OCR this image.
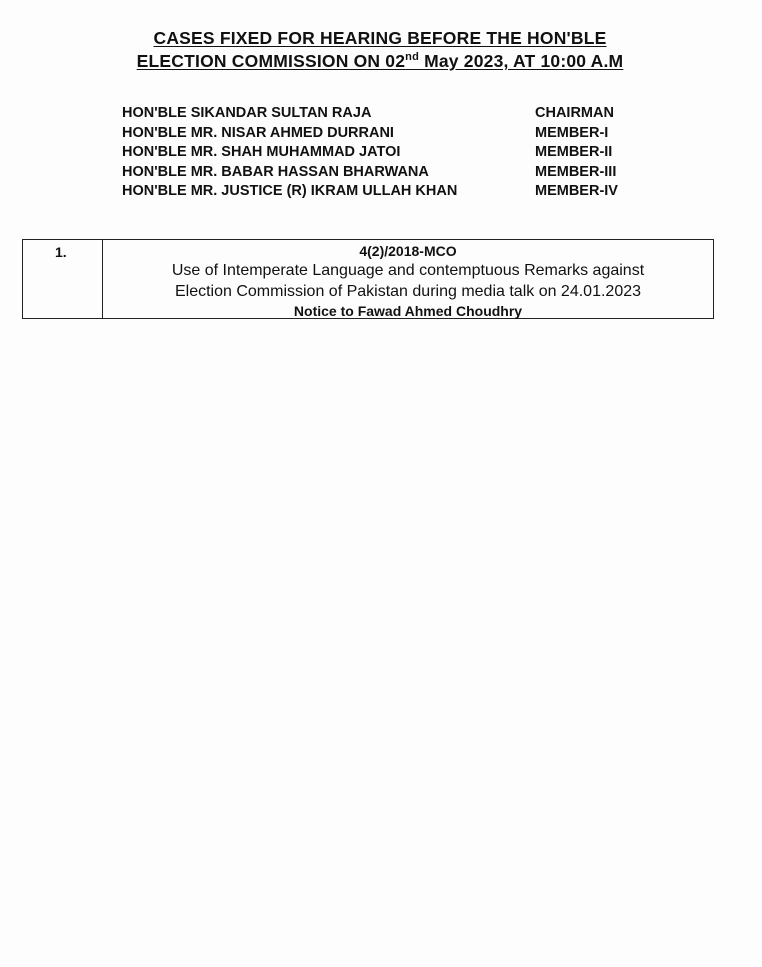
CASES FIXED FOR HEARING BEFORE THE HON'BLE
ELECTION COMMISSION ON 02nd May 2023, AT 10:00 A.M
HON'BLE SIKANDAR SULTAN RAJA	CHAIRMAN
HON'BLE MR. NISAR AHMED DURRANI	MEMBER-I
HON'BLE MR. SHAH MUHAMMAD JATOI	MEMBER-II
HON'BLE MR. BABAR HASSAN BHARWANA	MEMBER-III
HON'BLE MR. JUSTICE (R) IKRAM ULLAH KHAN	MEMBER-IV
1.	4(2)/2018-MCO
Use of Intemperate Language and contemptuous Remarks against
Election Commission of Pakistan during media talk on 24.01.2023
Notice to Fawad Ahmed Choudhry
